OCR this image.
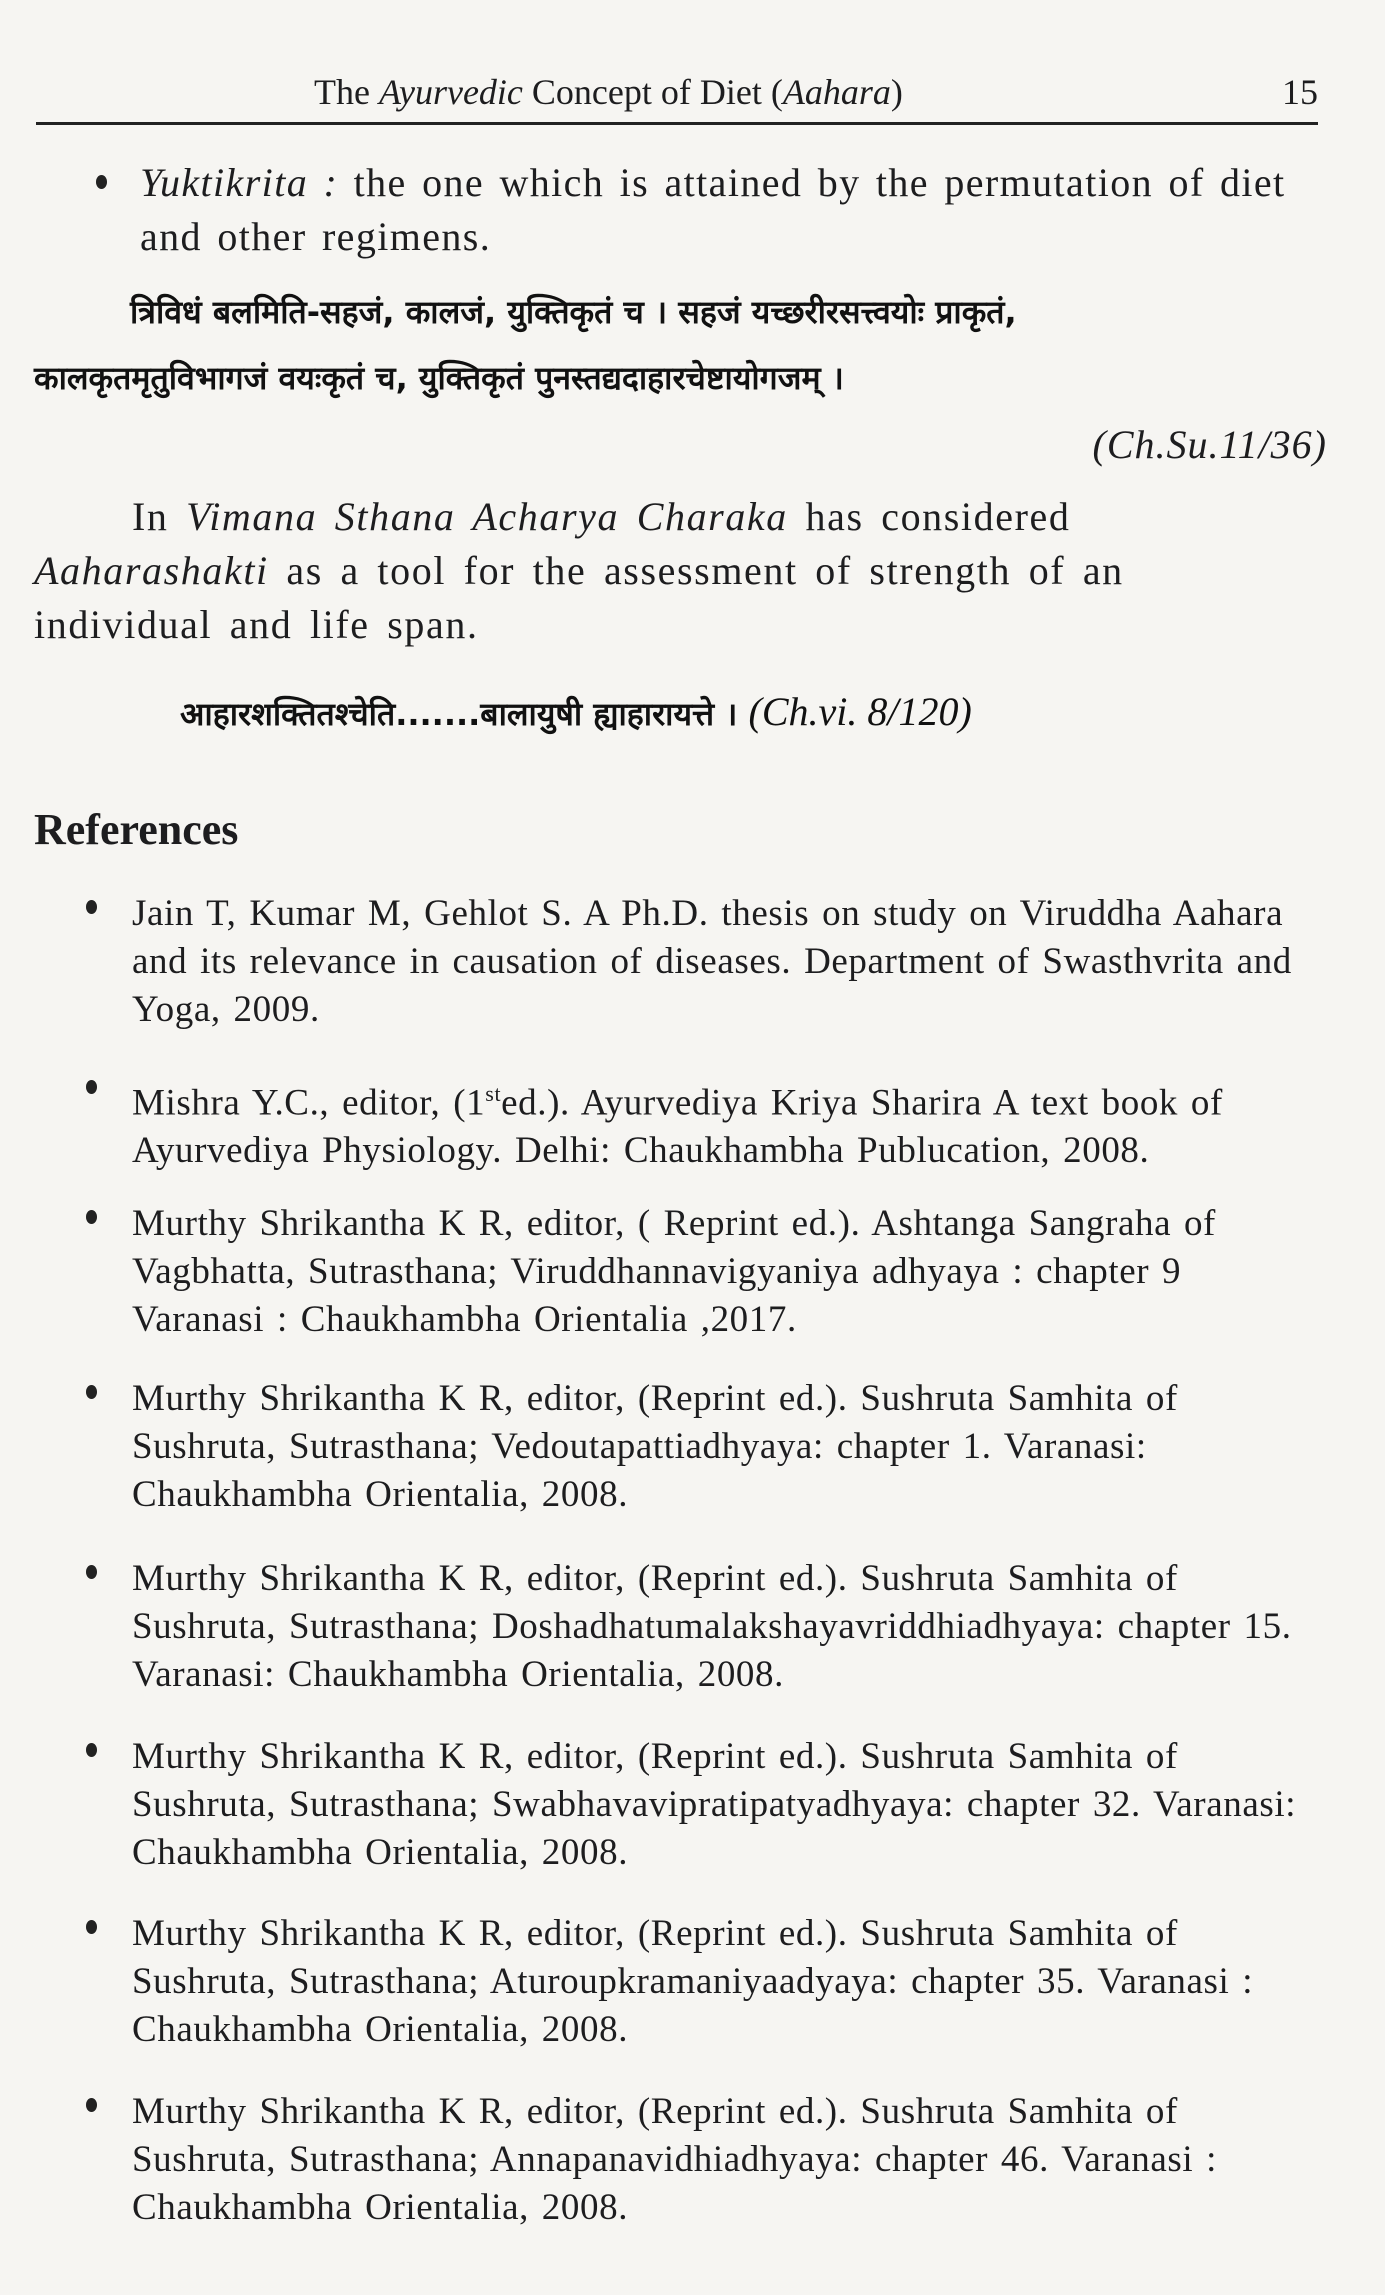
The Ayurvedic Concept of Diet (Aahara)	15
Yuktikrita : the one which is attained by the permutation of diet and other regimens.
त्रिविधं बलमिति-सहजं, कालजं, युक्तिकृतं च । सहजं यच्छरीरसत्त्वयोः प्राकृतं,
कालकृतमृतुविभागजं वयःकृतं च, युक्तिकृतं पुनस्तद्यदाहारचेष्टायोगजम् ।
(Ch.Su.11/36)
In Vimana Sthana Acharya Charaka has considered Aaharashakti as a tool for the assessment of strength of an individual and life span.
आहारशक्तितश्चेति.......बालायुषी ह्याहारायत्ते । (Ch.vi. 8/120)
References
Jain T, Kumar M, Gehlot S. A Ph.D. thesis on study on Viruddha Aahara and its relevance in causation of diseases. Department of Swasthvrita and Yoga, 2009.
Mishra Y.C., editor, (1sted.). Ayurvediya Kriya Sharira A text book of Ayurvediya Physiology. Delhi: Chaukhambha Publucation, 2008.
Murthy Shrikantha K R, editor, ( Reprint ed.). Ashtanga Sangraha of Vagbhatta, Sutrasthana; Viruddhannavigyaniya adhyaya : chapter 9 Varanasi : Chaukhambha Orientalia ,2017.
Murthy Shrikantha K R, editor, (Reprint ed.). Sushruta Samhita of Sushruta, Sutrasthana; Vedoutapattiadhyaya: chapter 1. Varanasi: Chaukhambha Orientalia, 2008.
Murthy Shrikantha K R, editor, (Reprint ed.). Sushruta Samhita of Sushruta, Sutrasthana; Doshadhatumalakshayavriddhiadhyaya: chapter 15. Varanasi: Chaukhambha Orientalia, 2008.
Murthy Shrikantha K R, editor, (Reprint ed.). Sushruta Samhita of Sushruta, Sutrasthana; Swabhavavipratipatyadhyaya: chapter 32. Varanasi: Chaukhambha Orientalia, 2008.
Murthy Shrikantha K R, editor, (Reprint ed.). Sushruta Samhita of Sushruta, Sutrasthana; Aturoupkramaniyaadyaya: chapter 35. Varanasi : Chaukhambha Orientalia, 2008.
Murthy Shrikantha K R, editor, (Reprint ed.). Sushruta Samhita of Sushruta, Sutrasthana; Annapanavidhiadhyaya: chapter 46. Varanasi : Chaukhambha Orientalia, 2008.
